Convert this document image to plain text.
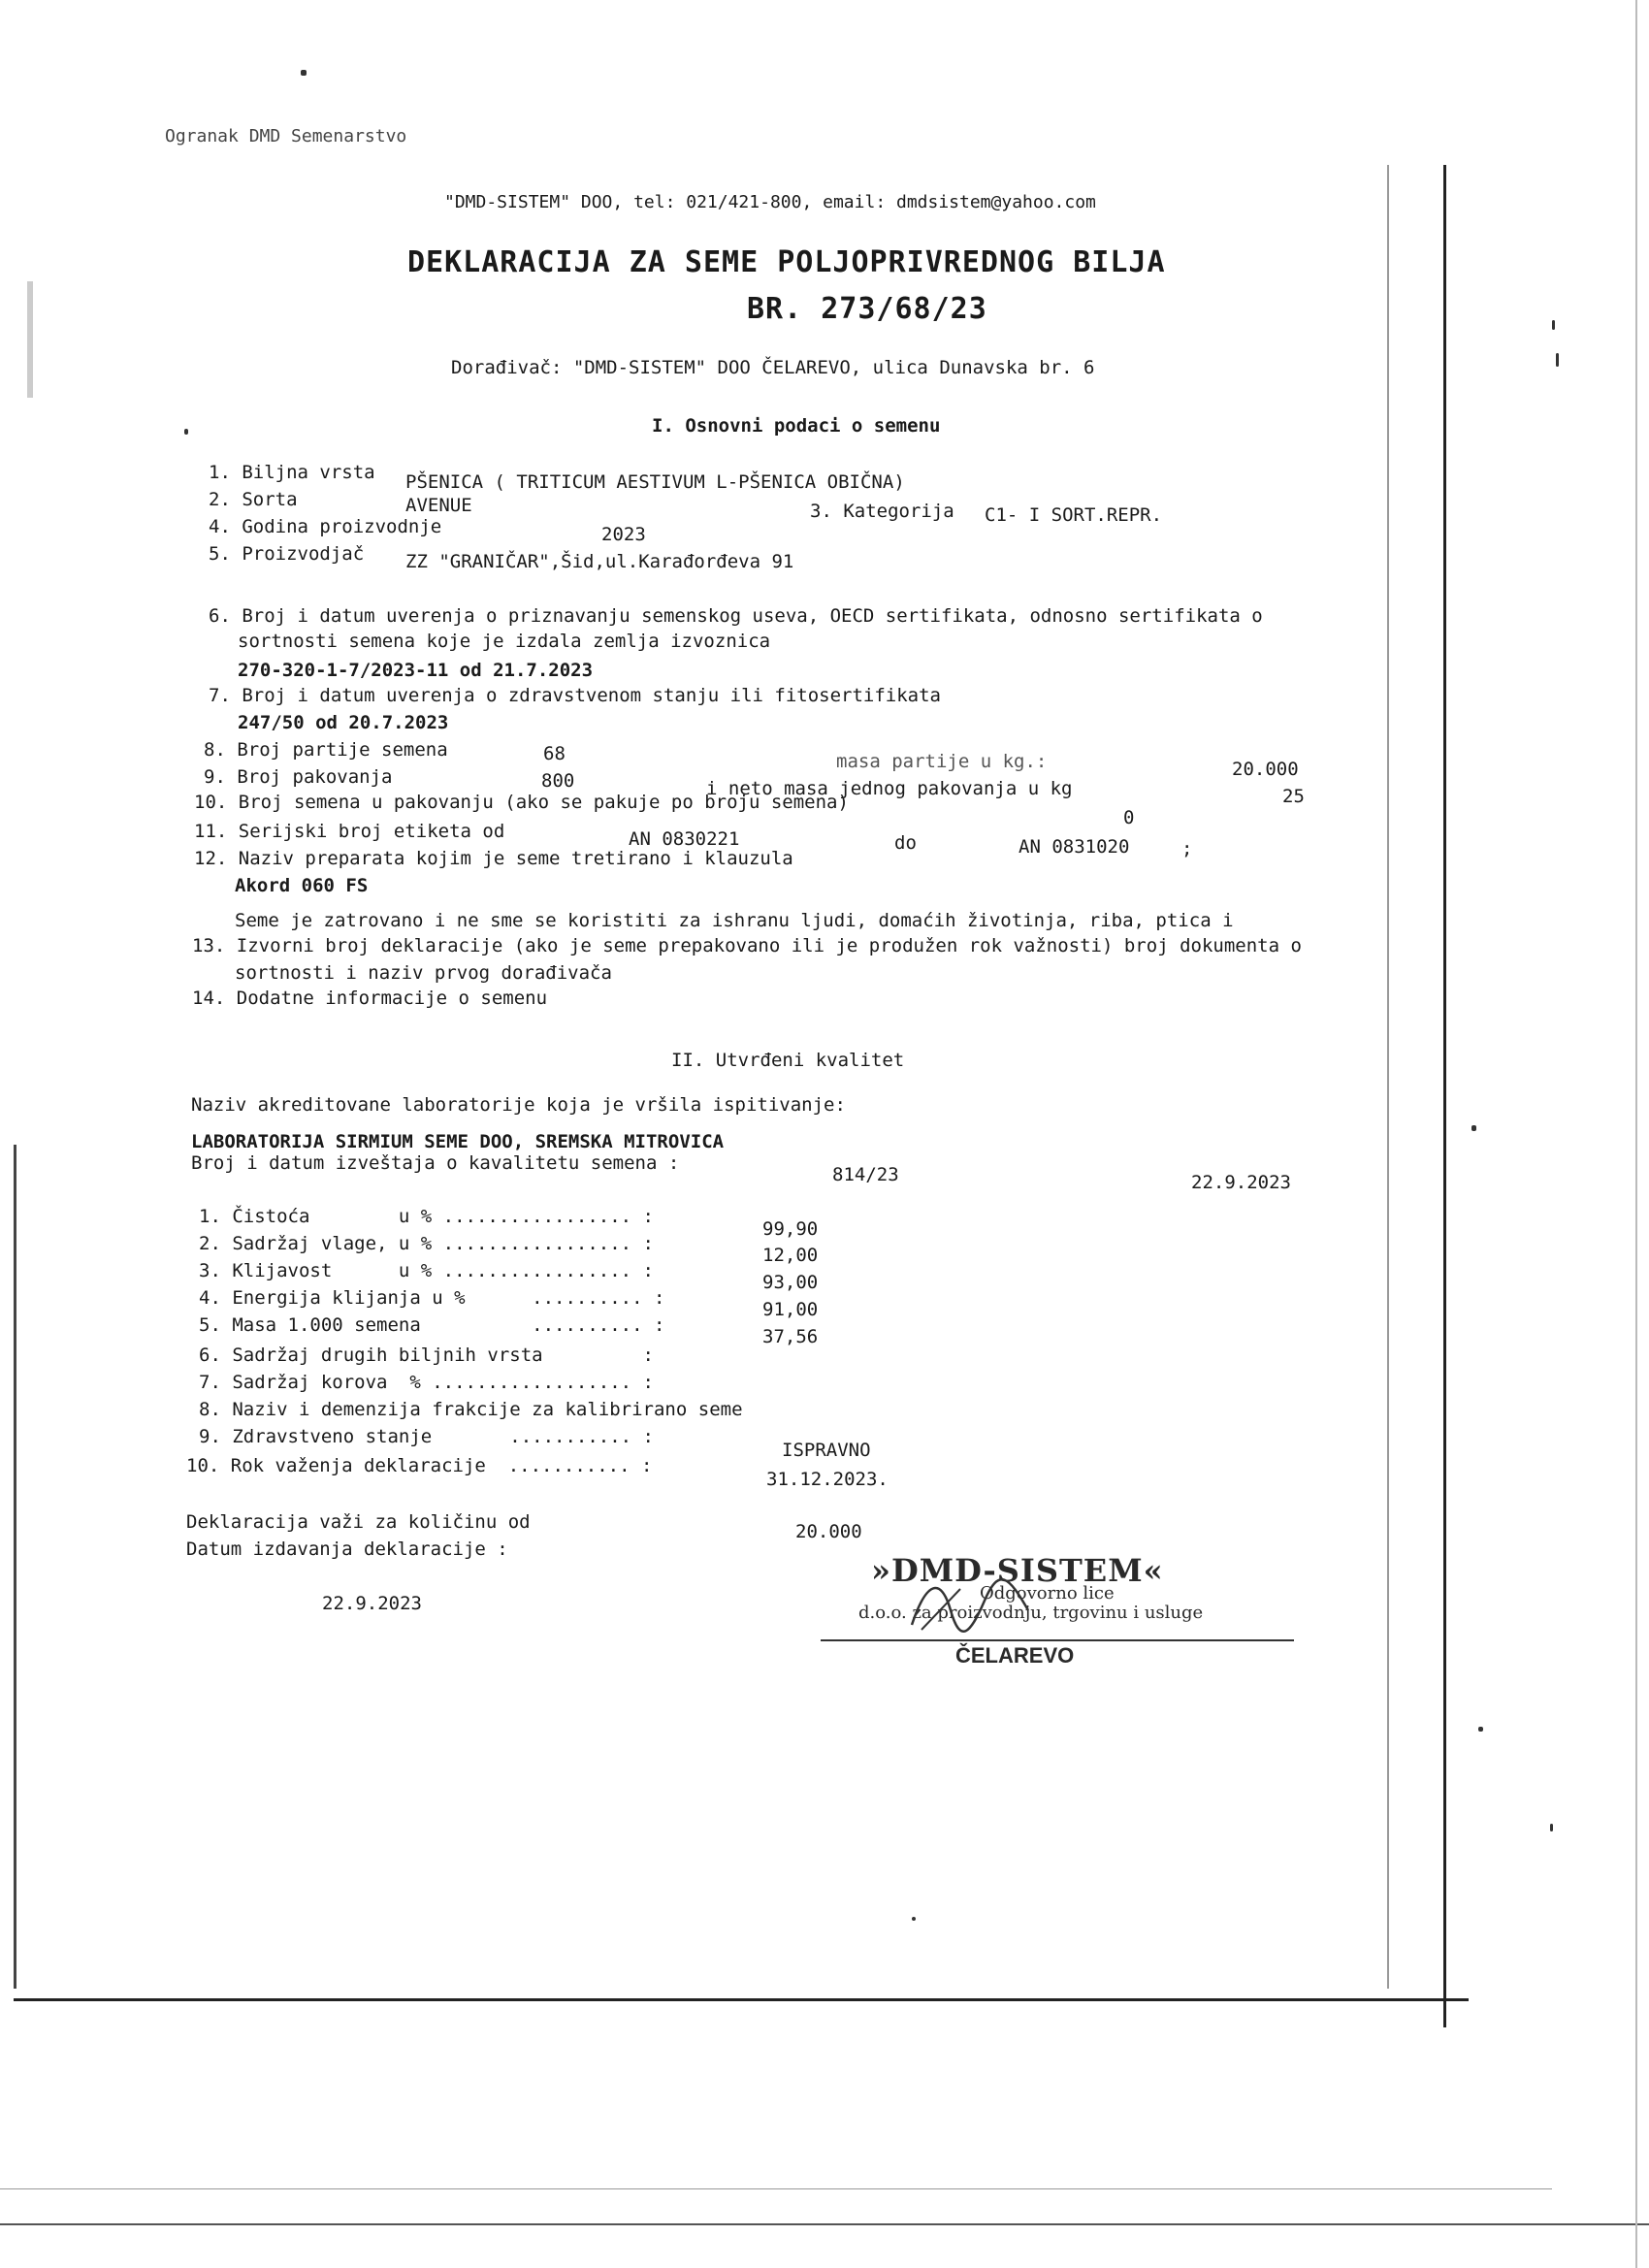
Ogranak DMD Semenarstvo
"DMD-SISTEM" DOO, tel: 021/421-800, email: dmdsistem@yahoo.com
DEKLARACIJA ZA SEME POLJOPRIVREDNOG BILJA
BR. 273/68/23
Dorađivač: "DMD-SISTEM" DOO ČELAREVO, ulica Dunavska br. 6
I. Osnovni podaci o semenu
1. Biljna vrsta PŠENICA ( TRITICUM AESTIVUM L-PŠENICA OBIČNA)
2. Sorta	AVENUE	3. Kategorija C1- I SORT.REPR.
4. Godina proizvodnje	2023
5. Proizvodjač ZZ "GRANIČAR",Šid,ul.Karađorđeva 91
6. Broj i datum uverenja o priznavanju semenskog useva, OECD sertifikata, odnosno sertifikata o
sortnosti semena koje je izdala zemlja izvoznica
270-320-1-7/2023-11 od 21.7.2023
7. Broj i datum uverenja o zdravstvenom stanju ili fitosertifikata
247/50 od 20.7.2023
8. Broj partije semena	68	masa partije u kg.:	20.000
9. Broj pakovanja	800	i neto masa jednog pakovanja u kg	25
10. Broj semena u pakovanju (ako se pakuje po broju semena)
0
11. Serijski broj etiketa od	AN 0830221	do	AN 0831020	;
12. Naziv preparata kojim je seme tretirano i klauzula
Akord 060 FS
Seme je zatrovano i ne sme se koristiti za ishranu ljudi, domaćih životinja, riba, ptica i
13. Izvorni broj deklaracije (ako je seme prepakovano ili je produžen rok važnosti) broj dokumenta o
sortnosti i naziv prvog dorađivača
14. Dodatne informacije o semenu
II. Utvrđeni kvalitet
Naziv akreditovane laboratorije koja je vršila ispitivanje:
LABORATORIJA SIRMIUM SEME DOO, SREMSKA MITROVICA
Broj i datum izveštaja o kavalitetu semena :
814/23	22.9.2023
1. Čistoća        u % ................. :
99,90
2. Sadržaj vlage, u % ................. :
12,00
3. Klijavost      u % ................. :
93,00
4. Energija klijanja u %      .......... :
91,00
5. Masa 1.000 semena          .......... :
37,56
6. Sadržaj drugih biljnih vrsta         :
7. Sadržaj korova  % .................. :
8. Naziv i demenzija frakcije za kalibrirano seme
9. Zdravstveno stanje       ........... :
ISPRAVNO
10. Rok važenja deklaracije  ........... :
31.12.2023.
Deklaracija važi za količinu od	20.000
Datum izdavanja deklaracije :
22.9.2023
»DMD-SISTEM«
Odgovorno lice
d.o.o. za proizvodnju, trgovinu i usluge
ČELAREVO
